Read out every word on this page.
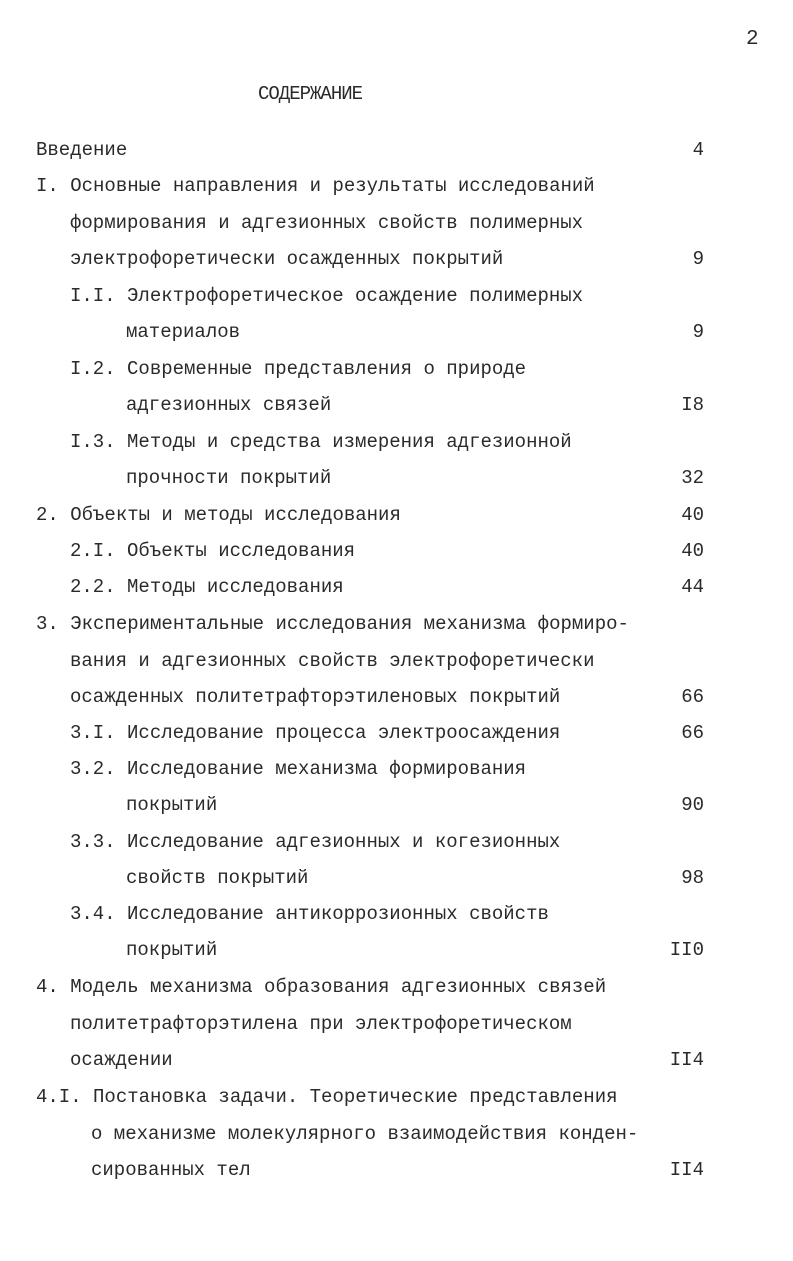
2
СОДЕРЖАНИЕ
Введение	4
I. Основные направления и результаты исследований
формирования и адгезионных свойств полимерных
электрофоретически осажденных покрытий	9
I.I. Электрофоретическое осаждение полимерных
материалов	9
I.2. Современные представления о природе
адгезионных связей	I8
I.3. Методы и средства измерения адгезионной
прочности покрытий	32
2. Объекты и методы исследования	40
2.I. Объекты исследования	40
2.2. Методы исследования	44
3. Экспериментальные исследования механизма формиро-
вания и адгезионных свойств электрофоретически
осажденных политетрафторэтиленовых покрытий	66
3.I. Исследование процесса электроосаждения	66
3.2. Исследование механизма формирования
покрытий	90
3.3. Исследование адгезионных и когезионных
свойств покрытий	98
3.4. Исследование антикоррозионных свойств
покрытий	II0
4. Модель механизма образования адгезионных связей
политетрафторэтилена при электрофоретическом
осаждении	II4
4.I. Постановка задачи. Теоретические представления
о механизме молекулярного взаимодействия конден-
сированных тел	II4
